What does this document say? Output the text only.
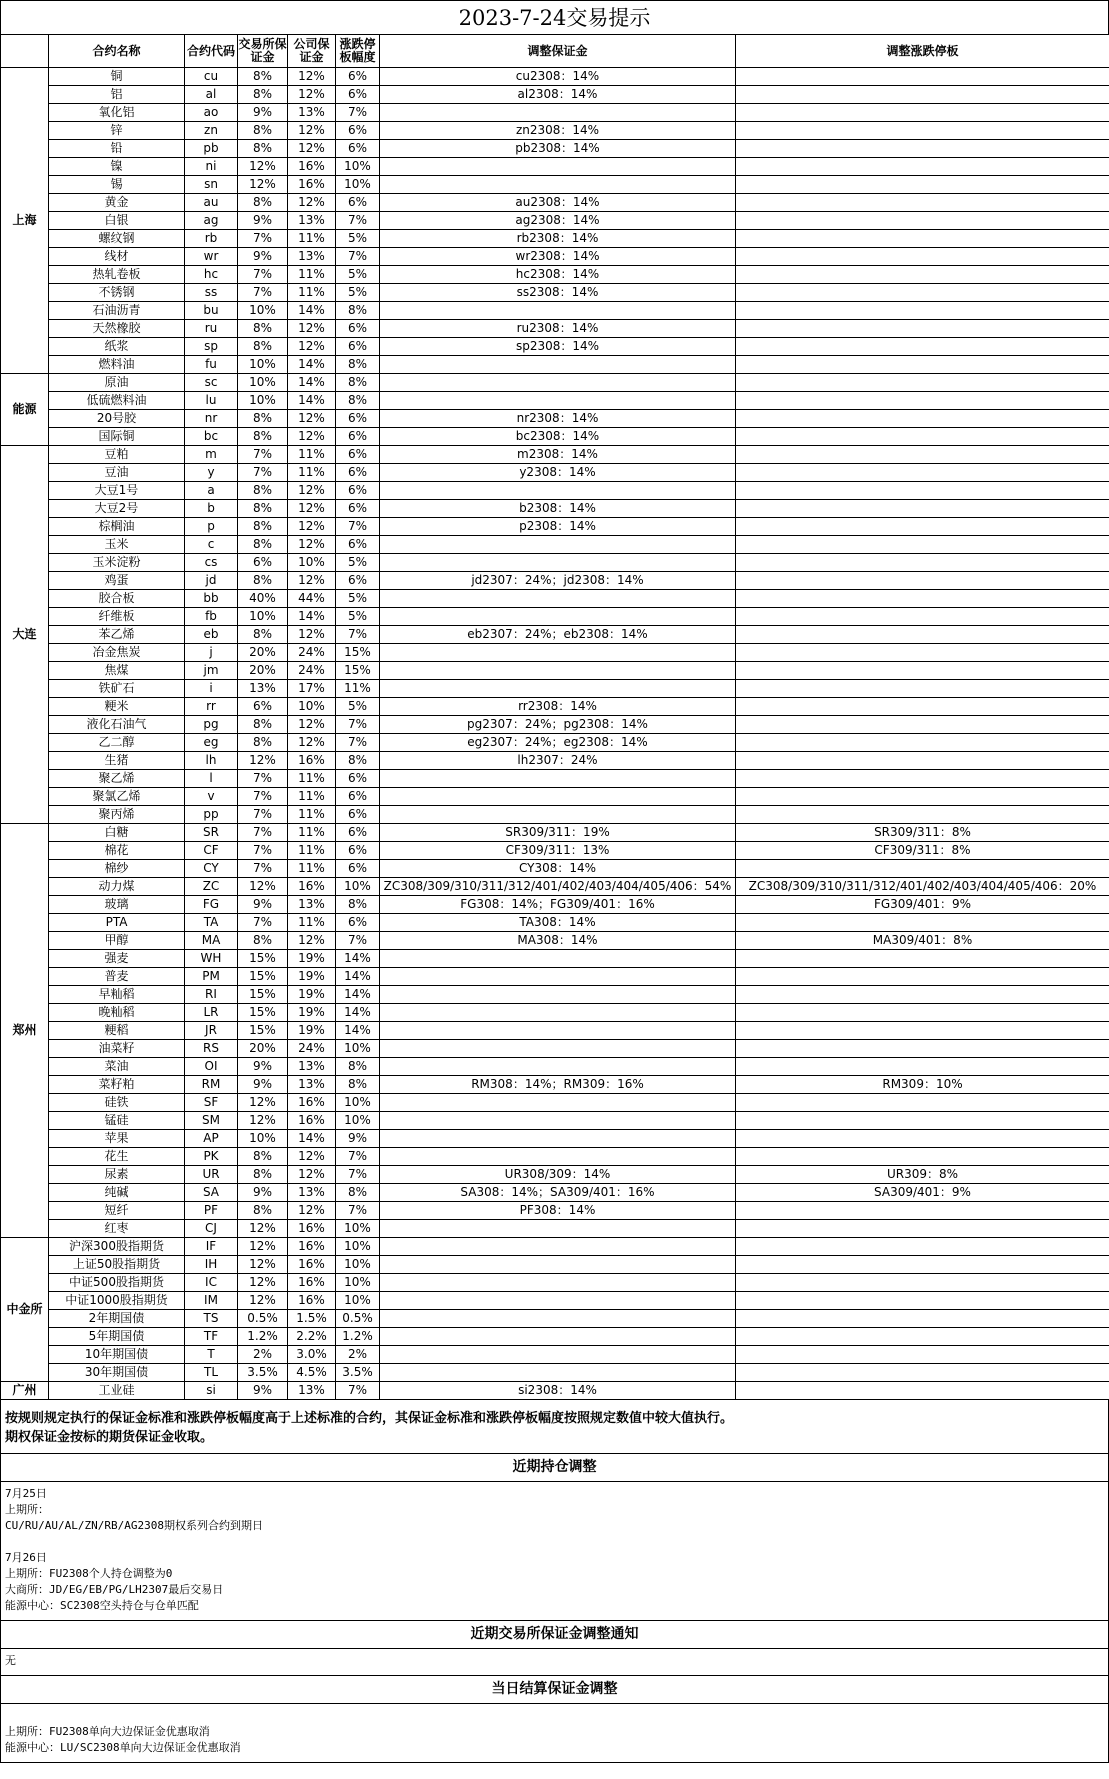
2023-7-24交易提示
	合约名称	合约代码	交易所保证金	公司保证金	涨跌停板幅度	调整保证金	调整涨跌停板
上海	铜	cu	8%	12%	6%	cu2308：14%	
	铝	al	8%	12%	6%	al2308：14%	
	氧化铝	ao	9%	13%	7%		
	锌	zn	8%	12%	6%	zn2308：14%	
	铅	pb	8%	12%	6%	pb2308：14%	
	镍	ni	12%	16%	10%		
	锡	sn	12%	16%	10%		
	黄金	au	8%	12%	6%	au2308：14%	
	白银	ag	9%	13%	7%	ag2308：14%	
	螺纹钢	rb	7%	11%	5%	rb2308：14%	
	线材	wr	9%	13%	7%	wr2308：14%	
	热轧卷板	hc	7%	11%	5%	hc2308：14%	
	不锈钢	ss	7%	11%	5%	ss2308：14%	
	石油沥青	bu	10%	14%	8%		
	天然橡胶	ru	8%	12%	6%	ru2308：14%	
	纸浆	sp	8%	12%	6%	sp2308：14%	
	燃料油	fu	10%	14%	8%		
能源	原油	sc	10%	14%	8%		
	低硫燃料油	lu	10%	14%	8%		
	20号胶	nr	8%	12%	6%	nr2308：14%	
	国际铜	bc	8%	12%	6%	bc2308：14%	
大连	豆粕	m	7%	11%	6%	m2308：14%	
	豆油	y	7%	11%	6%	y2308：14%	
	大豆1号	a	8%	12%	6%		
	大豆2号	b	8%	12%	6%	b2308：14%	
	棕榈油	p	8%	12%	7%	p2308：14%	
	玉米	c	8%	12%	6%		
	玉米淀粉	cs	6%	10%	5%		
	鸡蛋	jd	8%	12%	6%	jd2307：24%；jd2308：14%	
	胶合板	bb	40%	44%	5%		
	纤维板	fb	10%	14%	5%		
	苯乙烯	eb	8%	12%	7%	eb2307：24%；eb2308：14%	
	冶金焦炭	j	20%	24%	15%		
	焦煤	jm	20%	24%	15%		
	铁矿石	i	13%	17%	11%		
	粳米	rr	6%	10%	5%	rr2308：14%	
	液化石油气	pg	8%	12%	7%	pg2307：24%；pg2308：14%	
	乙二醇	eg	8%	12%	7%	eg2307：24%；eg2308：14%	
	生猪	lh	12%	16%	8%	lh2307：24%	
	聚乙烯	l	7%	11%	6%		
	聚氯乙烯	v	7%	11%	6%		
	聚丙烯	pp	7%	11%	6%		
郑州	白糖	SR	7%	11%	6%	SR309/311：19%	SR309/311：8%
	棉花	CF	7%	11%	6%	CF309/311：13%	CF309/311：8%
	棉纱	CY	7%	11%	6%	CY308：14%	
	动力煤	ZC	12%	16%	10%	ZC308/309/310/311/312/401/402/403/404/405/406：54%	ZC308/309/310/311/312/401/402/403/404/405/406：20%
	玻璃	FG	9%	13%	8%	FG308：14%；FG309/401：16%	FG309/401：9%
	PTA	TA	7%	11%	6%	TA308：14%	
	甲醇	MA	8%	12%	7%	MA308：14%	MA309/401：8%
	强麦	WH	15%	19%	14%		
	普麦	PM	15%	19%	14%		
	早籼稻	RI	15%	19%	14%		
	晚籼稻	LR	15%	19%	14%		
	粳稻	JR	15%	19%	14%		
	油菜籽	RS	20%	24%	10%		
	菜油	OI	9%	13%	8%		
	菜籽粕	RM	9%	13%	8%	RM308：14%；RM309：16%	RM309：10%
	硅铁	SF	12%	16%	10%		
	锰硅	SM	12%	16%	10%		
	苹果	AP	10%	14%	9%		
	花生	PK	8%	12%	7%		
	尿素	UR	8%	12%	7%	UR308/309：14%	UR309：8%
	纯碱	SA	9%	13%	8%	SA308：14%；SA309/401：16%	SA309/401：9%
	短纤	PF	8%	12%	7%	PF308：14%	
	红枣	CJ	12%	16%	10%		
中金所	沪深300股指期货	IF	12%	16%	10%		
	上证50股指期货	IH	12%	16%	10%		
	中证500股指期货	IC	12%	16%	10%		
	中证1000股指期货	IM	12%	16%	10%		
	2年期国债	TS	0.5%	1.5%	0.5%		
	5年期国债	TF	1.2%	2.2%	1.2%		
	10年期国债	T	2%	3.0%	2%		
	30年期国债	TL	3.5%	4.5%	3.5%		
广州	工业硅	si	9%	13%	7%	si2308：14%	
按规则规定执行的保证金标准和涨跌停板幅度高于上述标准的合约，其保证金标准和涨跌停板幅度按照规定数值中较大值执行。
期权保证金按标的期货保证金收取。
近期持仓调整
7月25日
上期所：
CU/RU/AU/AL/ZN/RB/AG2308期权系列合约到期日
7月26日
上期所：FU2308个人持仓调整为0
大商所：JD/EG/EB/PG/LH2307最后交易日
能源中心：SC2308空头持仓与仓单匹配
近期交易所保证金调整通知
无
当日结算保证金调整
上期所：FU2308单向大边保证金优惠取消
能源中心：LU/SC2308单向大边保证金优惠取消
